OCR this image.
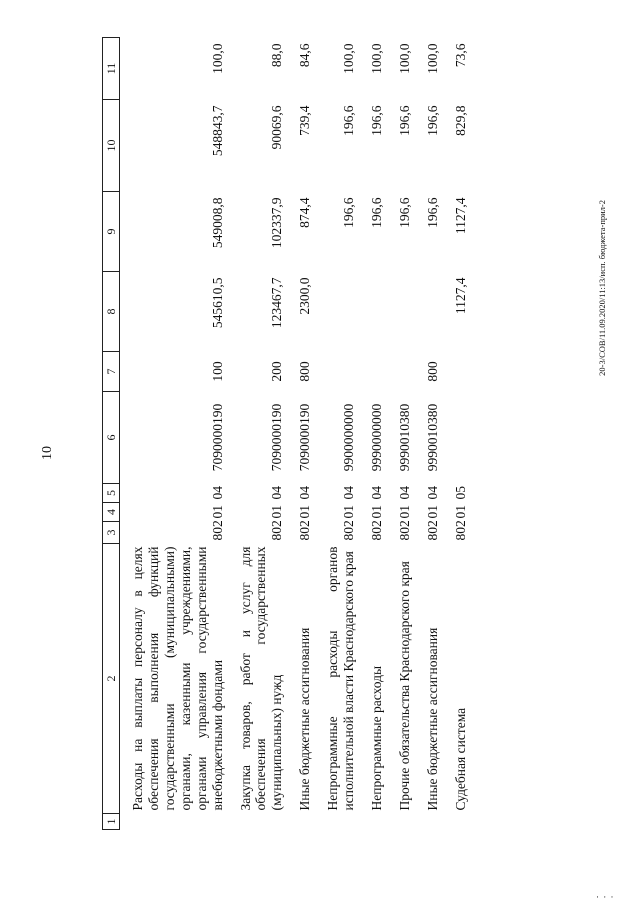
10
20-3/СОВ/11.09.2020/11:13/исп. бюджета-прил-2
· · ·
1	2	3	4	5	6	7	8	9	10	11
	Расходы на выплаты персоналу в целях обеспечения выполнения функций государственными (муниципальными) органами, казенными учреждениями, органами управления государственными внебюджетными фондами	802	01	04	7090000190	100	545610,5	549008,8	548843,7	100,0
	Закупка товаров, работ и услуг для обеспечения государственных (муниципальных) нужд	802	01	04	7090000190	200	123467,7	102337,9	90069,6	88,0
	Иные бюджетные ассигнования	802	01	04	7090000190	800	2300,0	874,4	739,4	84,6
	Непрограммные расходы органов исполнительной власти Краснодарского края	802	01	04	9900000000			196,6	196,6	100,0
	Непрограммные расходы	802	01	04	9990000000			196,6	196,6	100,0
	Прочие обязательства Краснодарского края	802	01	04	9990010380			196,6	196,6	100,0
	Иные бюджетные ассигнования	802	01	04	9990010380	800		196,6	196,6	100,0
	Судебная система	802	01	05			1127,4	1127,4	829,8	73,6
